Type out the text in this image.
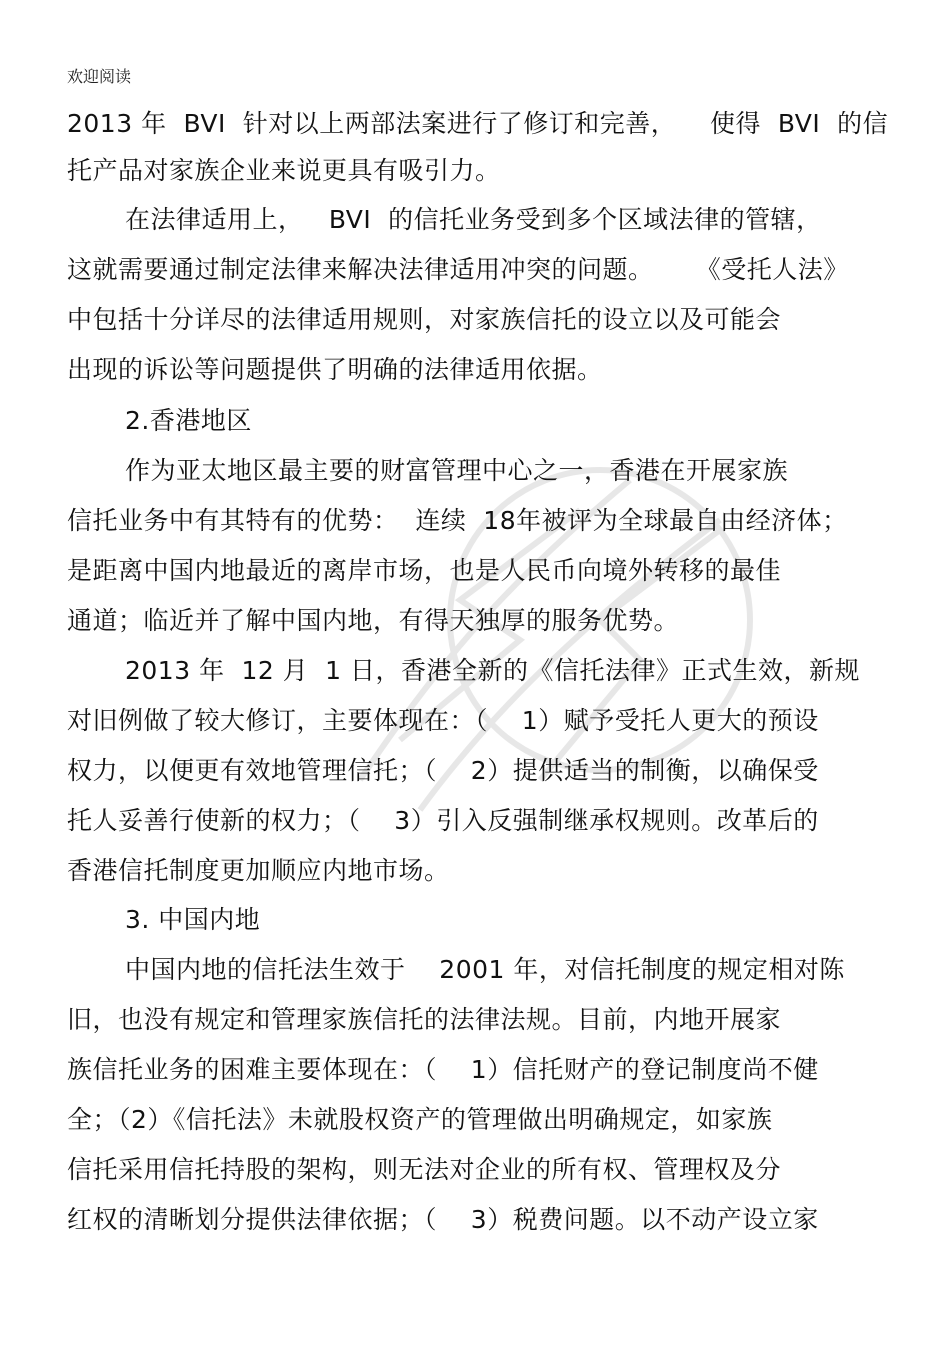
欢迎阅读
2013 年  BVI  针对以上两部法案进行了修订和完善，    使得  BVI  的信
托产品对家族企业来说更具有吸引力。
在法律适用上，   BVI  的信托业务受到多个区域法律的管辖，
这就需要通过制定法律来解决法律适用冲突的问题。     《受托人法》
中包括十分详尽的法律适用规则，对家族信托的设立以及可能会
出现的诉讼等问题提供了明确的法律适用依据。
2.香港地区
作为亚太地区最主要的财富管理中心之一，香港在开展家族
信托业务中有其特有的优势：  连续  18年被评为全球最自由经济体；
是距离中国内地最近的离岸市场，也是人民币向境外转移的最佳
通道；临近并了解中国内地，有得天独厚的服务优势。
2013 年  12 月  1 日，香港全新的《信托法律》正式生效，新规
对旧例做了较大修订，主要体现在：（    1）赋予受托人更大的预设
权力，以便更有效地管理信托；（    2）提供适当的制衡，以确保受
托人妥善行使新的权力；（    3）引入反强制继承权规则。改革后的
香港信托制度更加顺应内地市场。
3. 中国内地
中国内地的信托法生效于    2001 年，对信托制度的规定相对陈
旧，也没有规定和管理家族信托的法律法规。目前，内地开展家
族信托业务的困难主要体现在：（    1）信托财产的登记制度尚不健
全；（2）《信托法》未就股权资产的管理做出明确规定，如家族
信托采用信托持股的架构，则无法对企业的所有权、管理权及分
红权的清晰划分提供法律依据；（    3）税费问题。以不动产设立家
